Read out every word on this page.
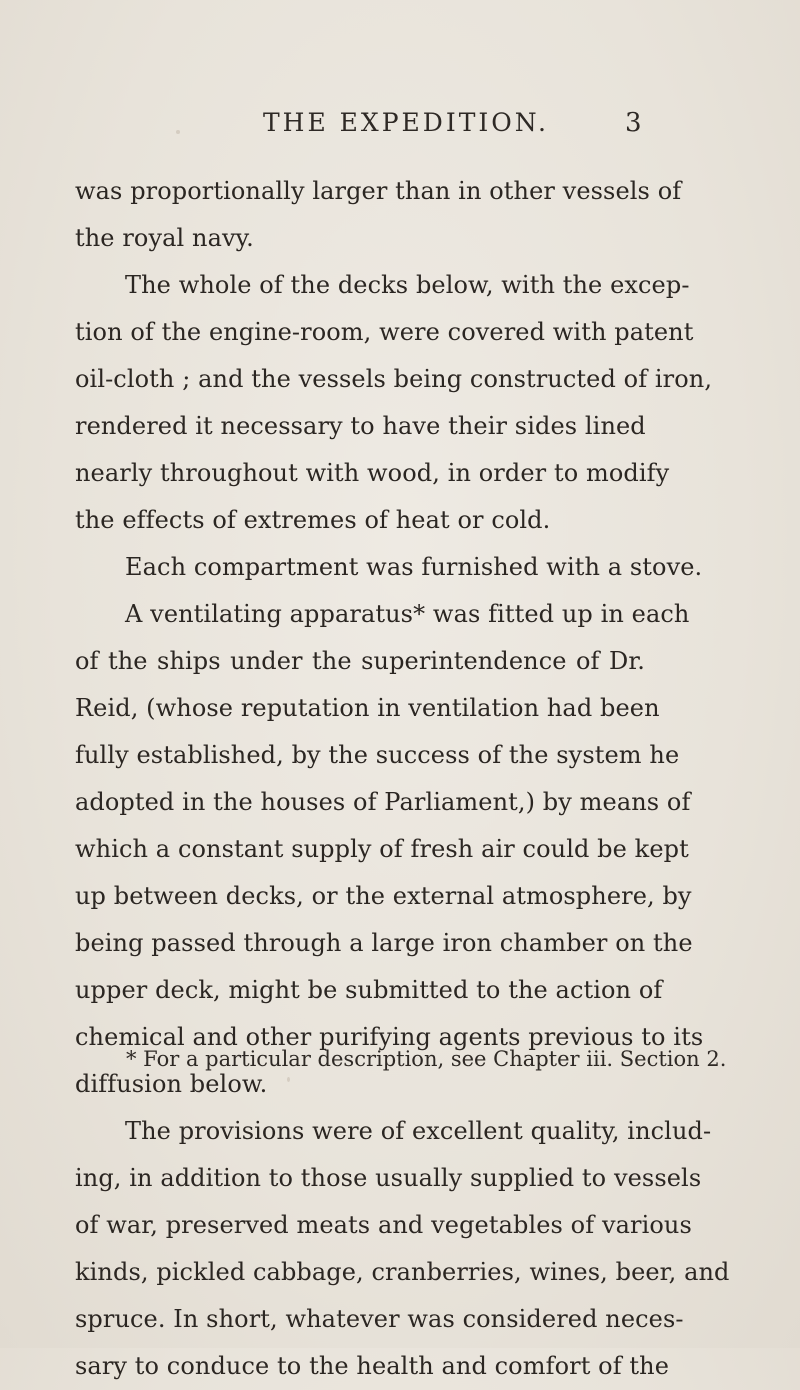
THE EXPEDITION.	3
was proportionally larger than in other vessels of
the royal navy.
The whole of the decks below, with the excep-
tion of the engine-room, were covered with patent
oil-cloth ; and the vessels being constructed of iron,
rendered it necessary to have their sides lined
nearly throughout with wood, in order to modify
the effects of extremes of heat or cold.
Each compartment was furnished with a stove.
A ventilating apparatus* was fitted up in each
of the ships under the superintendence of Dr.
Reid, (whose reputation in ventilation had been
fully established, by the success of the system he
adopted in the houses of Parliament,) by means of
which a constant supply of fresh air could be kept
up between decks, or the external atmosphere, by
being passed through a large iron chamber on the
upper deck, might be submitted to the action of
chemical and other purifying agents previous to its
diffusion below.
The provisions were of excellent quality, includ-
ing, in addition to those usually supplied to vessels
of war, preserved meats and vegetables of various
kinds, pickled cabbage, cranberries, wines, beer, and
spruce. In short, whatever was considered neces-
sary to conduce to the health and comfort of the
* For a particular description, see Chapter iii. Section 2.
